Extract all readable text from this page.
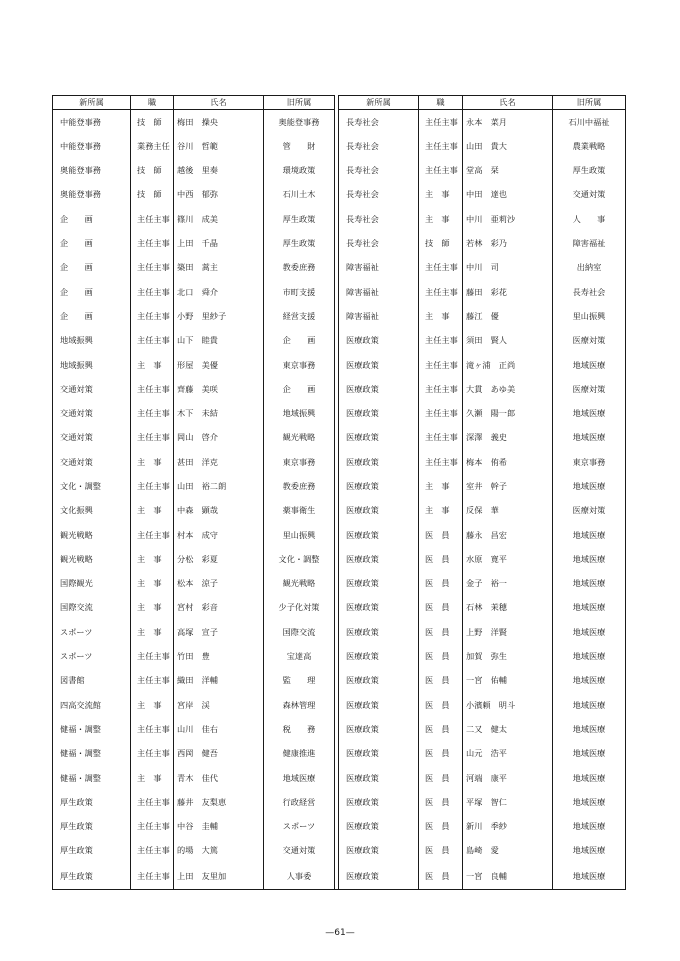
新所属	職	氏名	旧所属		新所属	職	氏名	旧所属
中能登事務	技　師	梅田　操央	奥能登事務		長寿社会	主任主事	永本　菜月	石川中福祉
中能登事務	業務主任	谷川　哲範	管　　財		長寿社会	主任主事	山田　貴大	農業戦略
奥能登事務	技　師	越後　里奏	環境政策		長寿社会	主任主事	堂高　栞	厚生政策
奥能登事務	技　師	中西　郁弥	石川土木		長寿社会	主　事	中田　達也	交通対策
企　　画	主任主事	篠川　成美	厚生政策		長寿社会	主　事	中川　亜莉沙	人　　事
企　　画	主任主事	上田　千晶	厚生政策		長寿社会	技　師	若林　彩乃	障害福祉
企　　画	主任主事	築田　蒿主	教委庶務		障害福祉	主任主事	中川　司	出納室
企　　画	主任主事	北口　舜介	市町支援		障害福祉	主任主事	藤田　彩花	長寿社会
企　　画	主任主事	小野　里紗子	経営支援		障害福祉	主　事	藤江　優	里山振興
地域振興	主任主事	山下　睦貴	企　　画		医療政策	主任主事	須田　賢人	医療対策
地域振興	主　事	形屋　美優	東京事務		医療政策	主任主事	滝ヶ浦　正尚	地域医療
交通対策	主任主事	齊藤　美咲	企　　画		医療政策	主任主事	大貫　あゆ美	医療対策
交通対策	主任主事	木下　未結	地域振興		医療政策	主任主事	久瀬　陽一郎	地域医療
交通対策	主任主事	岡山　啓介	観光戦略		医療政策	主任主事	深澤　義史	地域医療
交通対策	主　事	甚田　洋克	東京事務		医療政策	主任主事	梅本　侑希	東京事務
文化・調整	主任主事	山田　裕二朗	教委庶務		医療政策	主　事	室井　幹子	地域医療
文化振興	主　事	中森　顕哉	薬事衛生		医療政策	主　事	反保　華	医療対策
観光戦略	主任主事	村本　成守	里山振興		医療政策	医　員	藤永　昌宏	地域医療
観光戦略	主　事	分松　彩夏	文化・調整		医療政策	医　員	水原　寛平	地域医療
国際観光	主　事	松本　涼子	観光戦略		医療政策	医　員	金子　裕一	地域医療
国際交流	主　事	宮村　彩音	少子化対策		医療政策	医　員	石林　茉穂	地域医療
スポーツ	主　事	高塚　宣子	国際交流		医療政策	医　員	上野　洋賢	地域医療
スポーツ	主任主事	竹田　豊	宝達高		医療政策	医　員	加賀　弥生	地域医療
図書館	主任主事	織田　洋輔	監　　理		医療政策	医　員	一宮　佑輔	地域医療
四高交流館	主　事	宮岸　渓	森林管理		医療政策	医　員	小濱頼　明斗	地域医療
健福・調整	主任主事	山川　佳右	税　　務		医療政策	医　員	二又　健太	地域医療
健福・調整	主任主事	西岡　健吾	健康推進		医療政策	医　員	山元　浩平	地域医療
健福・調整	主　事	青木　佳代	地域医療		医療政策	医　員	河端　康平	地域医療
厚生政策	主任主事	藤井　友梨恵	行政経営		医療政策	医　員	平塚　智仁	地域医療
厚生政策	主任主事	中谷　圭輔	スポーツ		医療政策	医　員	新川　季紗	地域医療
厚生政策	主任主事	的場　大篤	交通対策		医療政策	医　員	島崎　愛	地域医療
厚生政策	主任主事	上田　友里加	人事委		医療政策	医　員	一宮　良輔	地域医療
—61—
